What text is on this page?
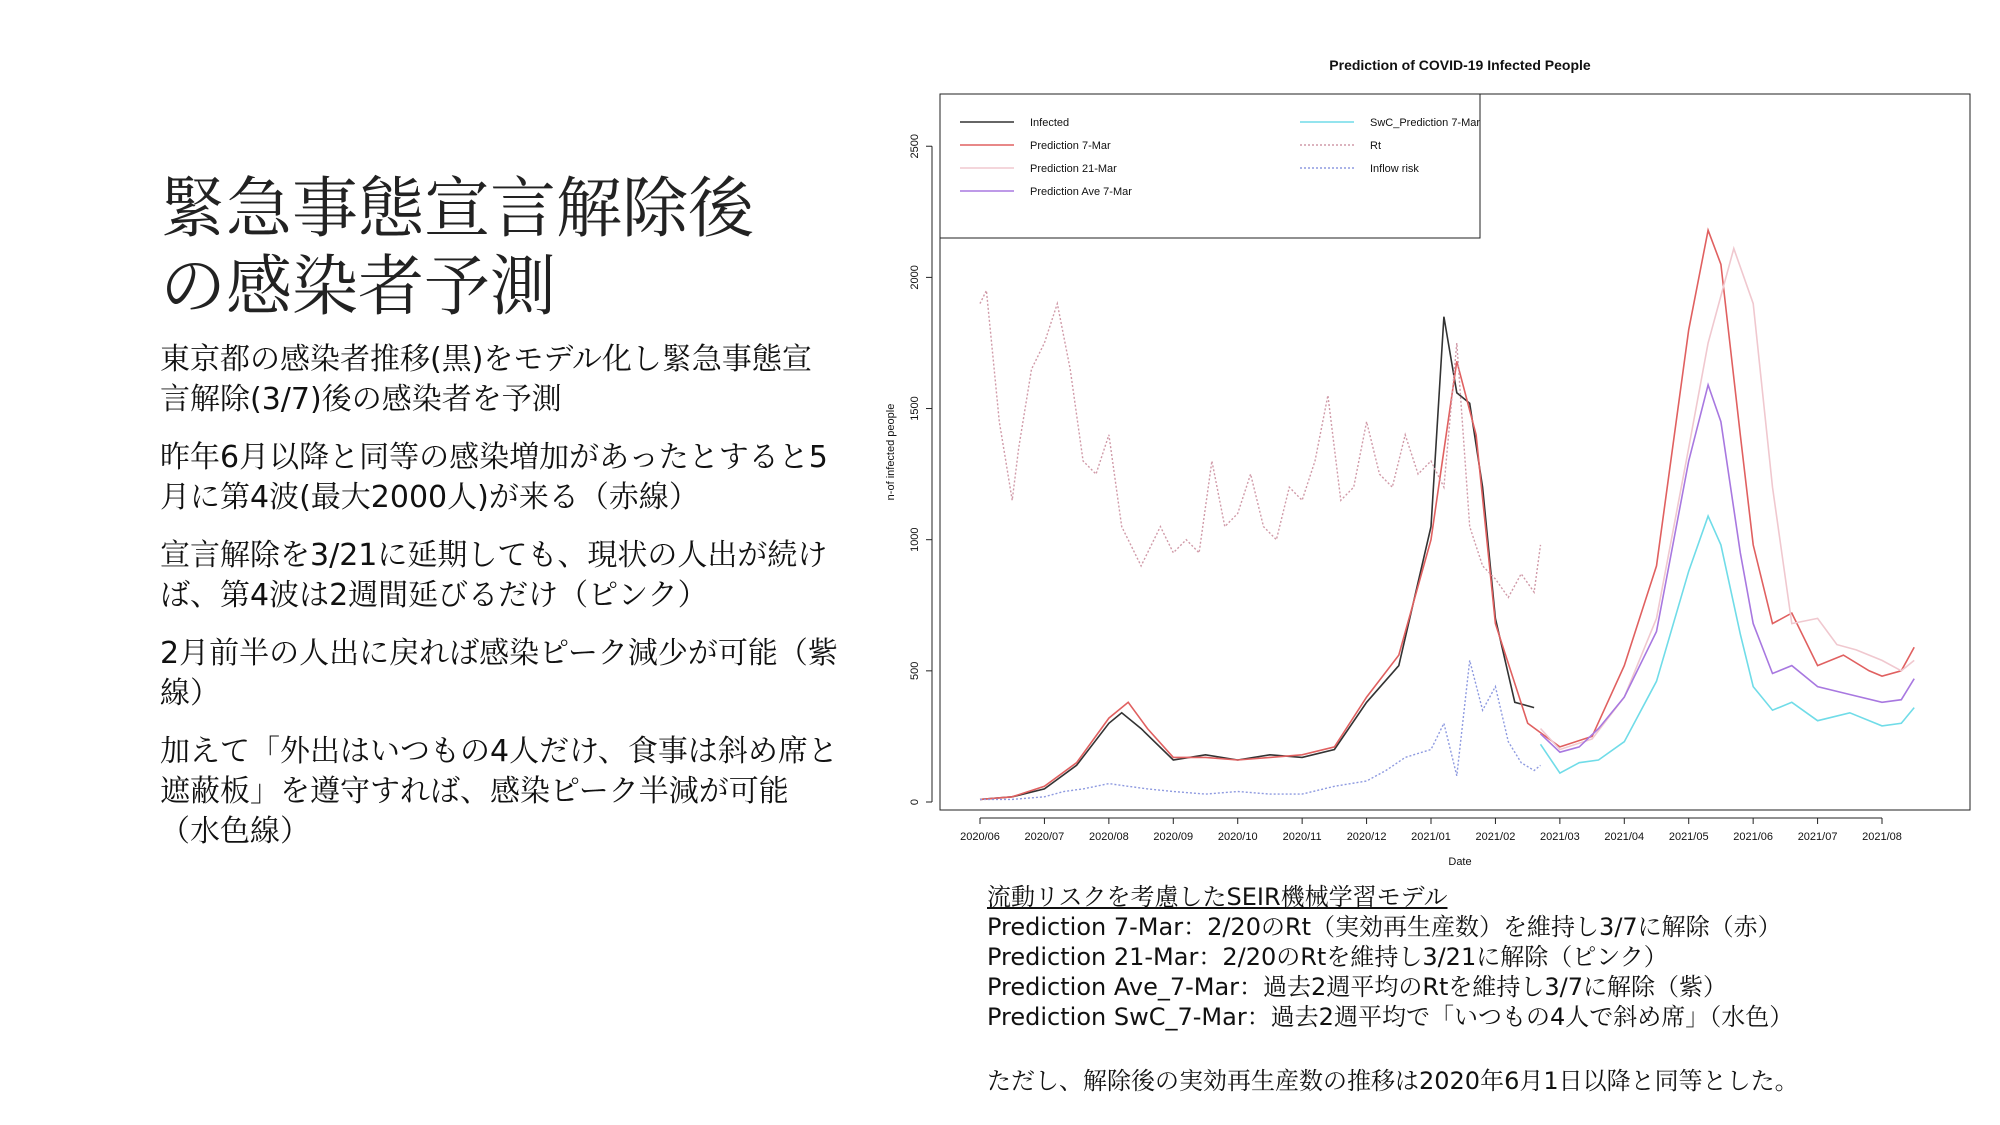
緊急事態宣言解除後
の感染者予測

東京都の感染者推移(黒)をモデル化し緊急事態宣言解除(3/7)後の感染者を予測

昨年6月以降と同等の感染増加があったとすると5月に第4波(最大2000人)が来る（赤線）

宣言解除を3/21に延期しても、現状の人出が続けば、第4波は2週間延びるだけ（ピンク）

2月前半の人出に戻れば感染ピーク減少が可能（紫線）

加えて「外出はいつもの4人だけ、食事は斜め席と遮蔽板」を遵守すれば、感染ピーク半減が可能（水色線）

Prediction of COVID-19 Infected People
0
500
1000
1500
2000
2500
2020/06 2020/07 2020/08 2020/09 2020/10 2020/11 2020/12 2021/01 2021/02 2021/03 2021/04 2021/05 2021/06 2021/07 2021/08
Infected
Prediction 7-Mar
Prediction 21-Mar
Prediction Ave 7-Mar
SwC_Prediction 7-Mar
Rt
Inflow risk
Date
n-of infected people
流動リスクを考慮したSEIR機械学習モデル
Prediction 7-Mar：2/20のRt（実効再生産数）を維持し3/7に解除（赤）
Prediction 21-Mar：2/20のRtを維持し3/21に解除（ピンク）
Prediction Ave_7-Mar：過去2週平均のRtを維持し3/7に解除（紫）
Prediction SwC_7-Mar：過去2週平均で「いつもの4人で斜め席」（水色）
ただし、解除後の実効再生産数の推移は2020年6月1日以降と同等とした。
